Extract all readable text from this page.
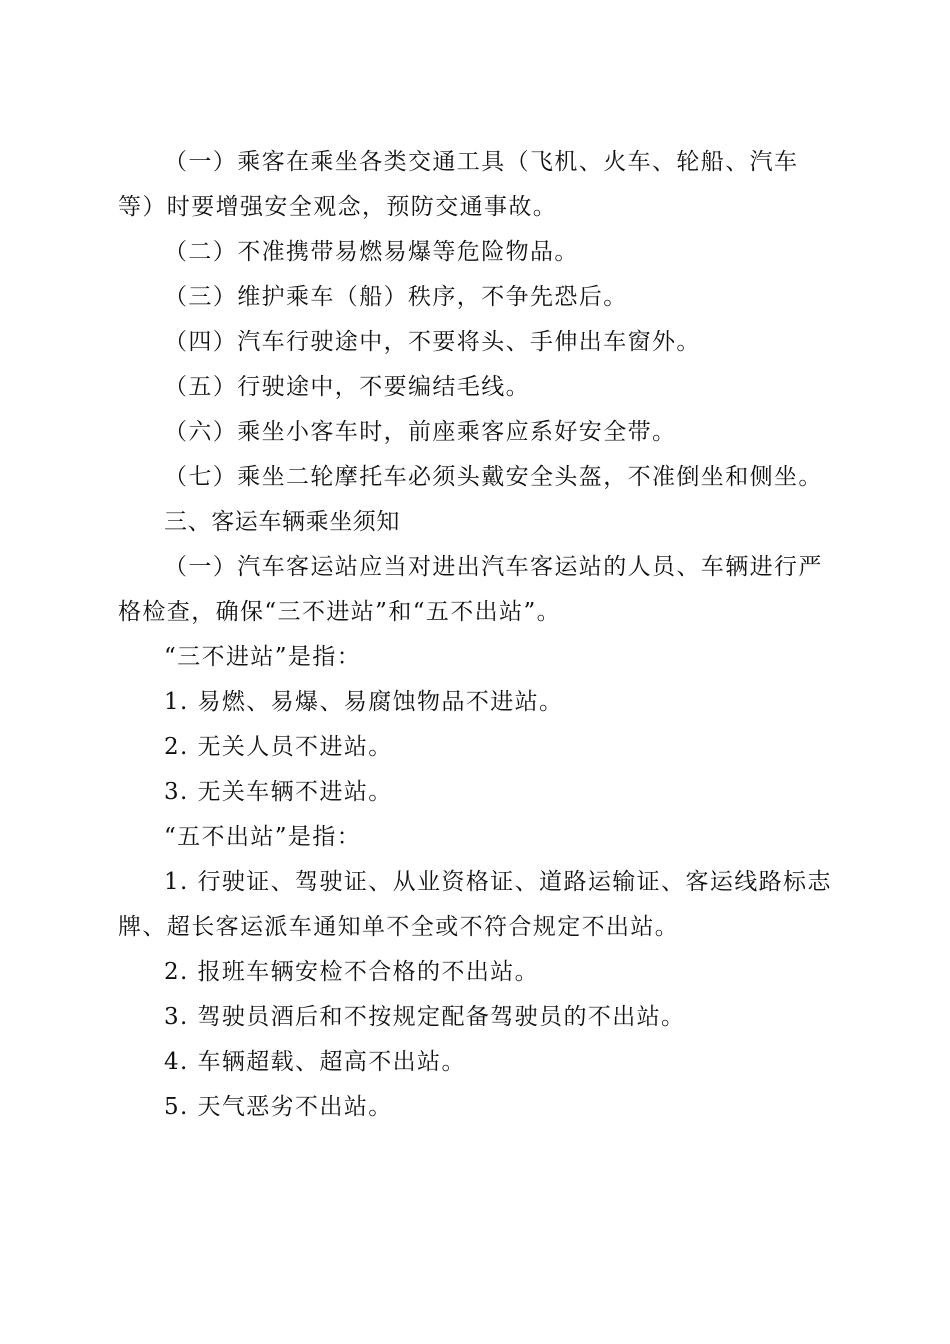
（一）乘客在乘坐各类交通工具（飞机、火车、轮船、汽车等）时要增强安全观念，预防交通事故。

（二）不准携带易燃易爆等危险物品。

（三）维护乘车（船）秩序，不争先恐后。

（四）汽车行驶途中，不要将头、手伸出车窗外。

（五）行驶途中，不要编结毛线。

（六）乘坐小客车时，前座乘客应系好安全带。

（七）乘坐二轮摩托车必须头戴安全头盔，不准倒坐和侧坐。

三、客运车辆乘坐须知

（一）汽车客运站应当对进出汽车客运站的人员、车辆进行严格检查，确保“三不进站”和“五不出站”。

“三不进站”是指：

1. 易燃、易爆、易腐蚀物品不进站。

2. 无关人员不进站。

3. 无关车辆不进站。

“五不出站”是指：

1. 行驶证、驾驶证、从业资格证、道路运输证、客运线路标志牌、超长客运派车通知单不全或不符合规定不出站。

2. 报班车辆安检不合格的不出站。

3. 驾驶员酒后和不按规定配备驾驶员的不出站。

4. 车辆超载、超高不出站。

5. 天气恶劣不出站。
